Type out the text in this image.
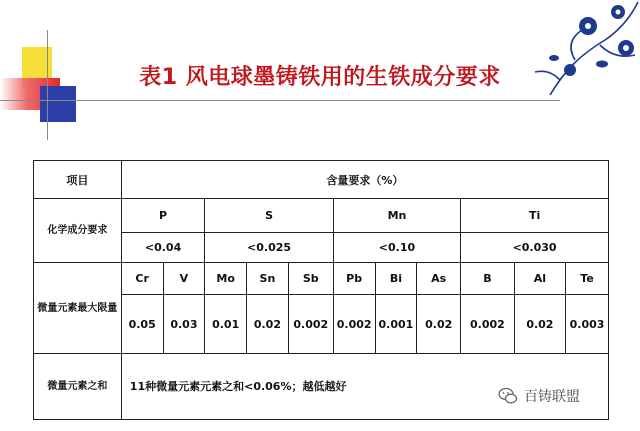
表1 风电球墨铸铁用的生铁成分要求
项目	含量要求（%）										
化学成分要求	P		S			Mn			Ti		
	<0.04		<0.025			<0.10			<0.030		
微量元素最大限量	Cr	V	Mo	Sn	Sb	Pb	Bi	As	B	Al	Te
	0.05	0.03	0.01	0.02	0.002	0.002	0.001	0.02	0.002	0.02	0.003
微量元素之和	11种微量元素元素之和<0.06%；越低越好										
百铸联盟
